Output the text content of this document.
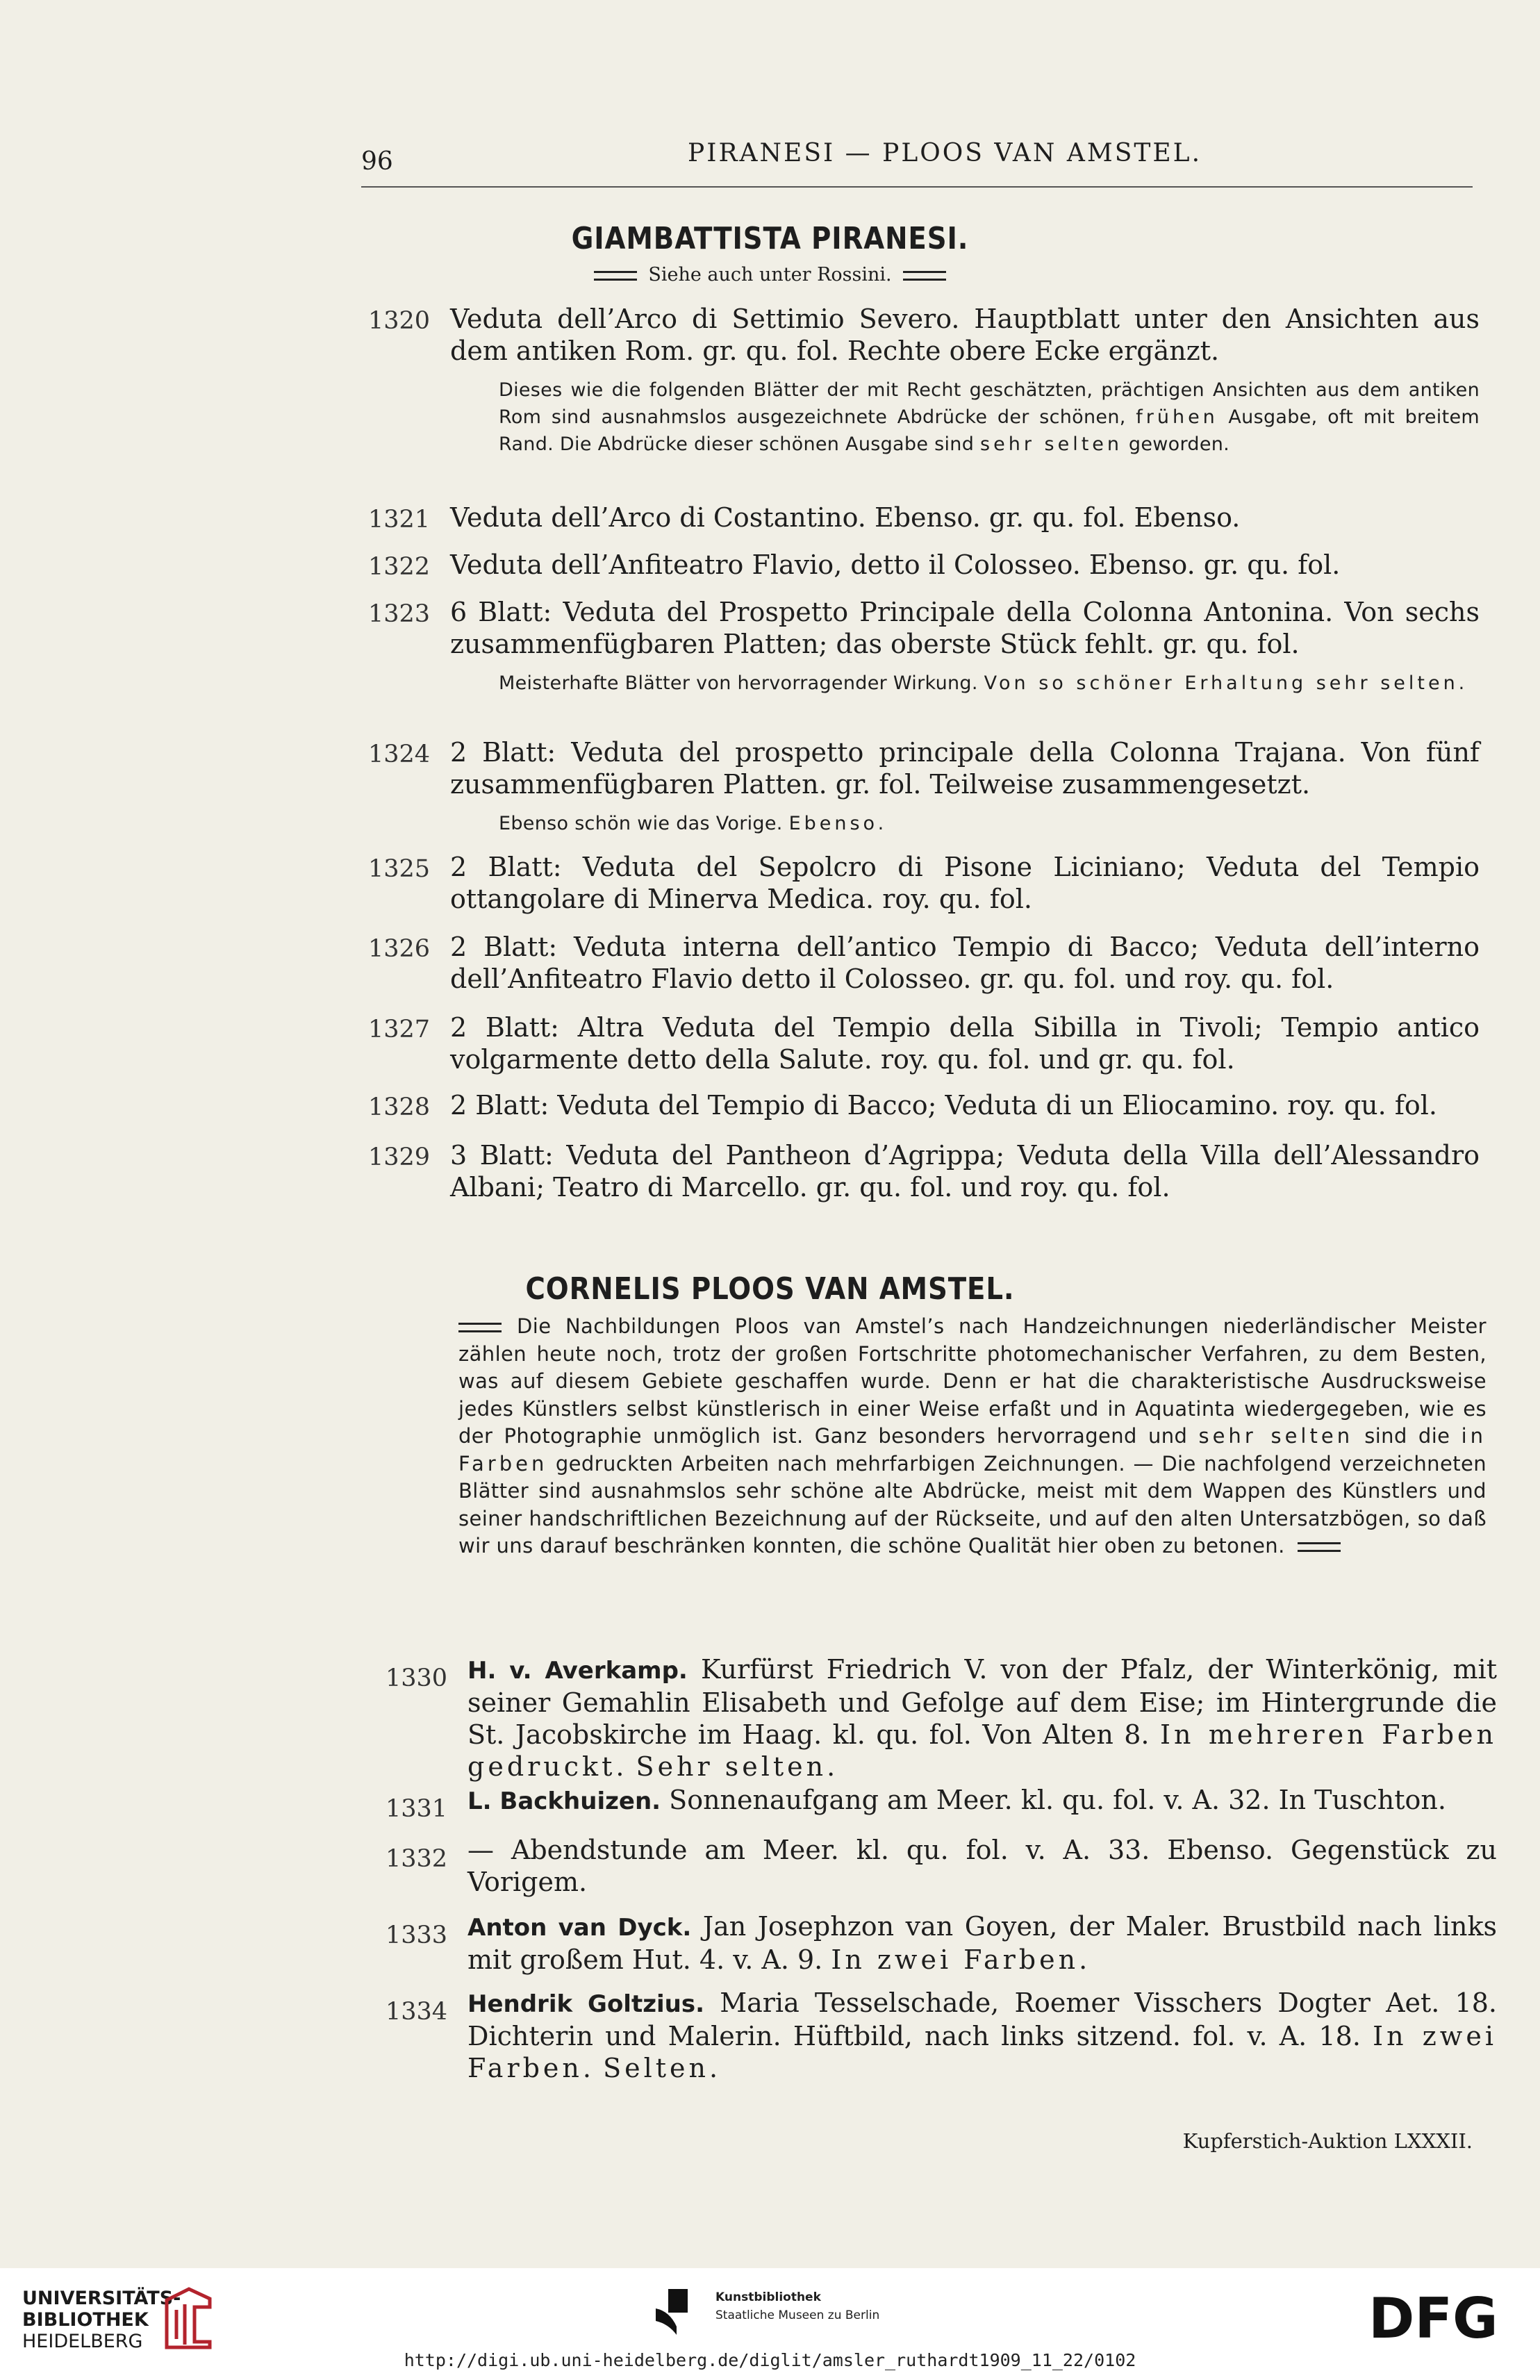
96	PIRANESI — PLOOS VAN AMSTEL.
GIAMBATTISTA PIRANESI.
Siehe auch unter Rossini.
1320 Veduta dell’Arco di Settimio Severo. Hauptblatt unter den Ansichten aus dem antiken Rom. gr. qu. fol. Rechte obere Ecke ergänzt.
Dieses wie die folgenden Blätter der mit Recht geschätzten, prächtigen Ansichten aus dem antiken Rom sind ausnahmslos ausgezeichnete Abdrücke der schönen, frühen Ausgabe, oft mit breitem Rand. Die Abdrücke dieser schönen Ausgabe sind sehr selten geworden.
1321 Veduta dell’Arco di Costantino. Ebenso. gr. qu. fol. Ebenso.
1322 Veduta dell’Anfiteatro Flavio, detto il Colosseo. Ebenso. gr. qu. fol.
1323 6 Blatt: Veduta del Prospetto Principale della Colonna Antonina. Von sechs zusammenfügbaren Platten; das oberste Stück fehlt. gr. qu. fol.
Meisterhafte Blätter von hervorragender Wirkung. Von so schöner Erhaltung sehr selten.
1324 2 Blatt: Veduta del prospetto principale della Colonna Trajana. Von fünf zusammenfügbaren Platten. gr. fol. Teilweise zusammengesetzt.
Ebenso schön wie das Vorige. Ebenso.
1325 2 Blatt: Veduta del Sepolcro di Pisone Liciniano; Veduta del Tempio ottangolare di Minerva Medica. roy. qu. fol.
1326 2 Blatt: Veduta interna dell’antico Tempio di Bacco; Veduta dell’interno dell’Anfiteatro Flavio detto il Colosseo. gr. qu. fol. und roy. qu. fol.
1327 2 Blatt: Altra Veduta del Tempio della Sibilla in Tivoli; Tempio antico volgarmente detto della Salute. roy. qu. fol. und gr. qu. fol.
1328 2 Blatt: Veduta del Tempio di Bacco; Veduta di un Eliocamino. roy. qu. fol.
1329 3 Blatt: Veduta del Pantheon d’Agrippa; Veduta della Villa dell’Alessandro Albani; Teatro di Marcello. gr. qu. fol. und roy. qu. fol.
CORNELIS PLOOS VAN AMSTEL.
Die Nachbildungen Ploos van Amstel’s nach Handzeichnungen niederländischer Meister zählen heute noch, trotz der großen Fortschritte photomechanischer Verfahren, zu dem Besten, was auf diesem Gebiete geschaffen wurde. Denn er hat die charakteristische Ausdrucksweise jedes Künstlers selbst künstlerisch in einer Weise erfaßt und in Aquatinta wiedergegeben, wie es der Photographie unmöglich ist. Ganz besonders hervorragend und sehr selten sind die in Farben gedruckten Arbeiten nach mehrfarbigen Zeichnungen. — Die nachfolgend verzeichneten Blätter sind ausnahmslos sehr schöne alte Abdrücke, meist mit dem Wappen des Künstlers und seiner handschriftlichen Bezeichnung auf der Rückseite, und auf den alten Untersatzbögen, so daß wir uns darauf beschränken konnten, die schöne Qualität hier oben zu betonen.
1330 H. v. Averkamp. Kurfürst Friedrich V. von der Pfalz, der Winterkönig, mit seiner Gemahlin Elisabeth und Gefolge auf dem Eise; im Hintergrunde die St. Jacobskirche im Haag. kl. qu. fol. Von Alten 8. In mehreren Farben gedruckt. Sehr selten.
1331 L. Backhuizen. Sonnenaufgang am Meer. kl. qu. fol. v. A. 32. In Tuschton.
1332 — Abendstunde am Meer. kl. qu. fol. v. A. 33. Ebenso. Gegenstück zu Vorigem.
1333 Anton van Dyck. Jan Josephzon van Goyen, der Maler. Brustbild nach links mit großem Hut. 4. v. A. 9. In zwei Farben.
1334 Hendrik Goltzius. Maria Tesselschade, Roemer Visschers Dogter Aet. 18. Dichterin und Malerin. Hüftbild, nach links sitzend. fol. v. A. 18. In zwei Farben. Selten.
Kupferstich-Auktion LXXXII.
UNIVERSITÄTS-
BIBLIOTHEK
HEIDELBERG
Kunstbibliothek
Staatliche Museen zu Berlin	DFG
http://digi.ub.uni-heidelberg.de/diglit/amsler_ruthardt1909_11_22/0102
